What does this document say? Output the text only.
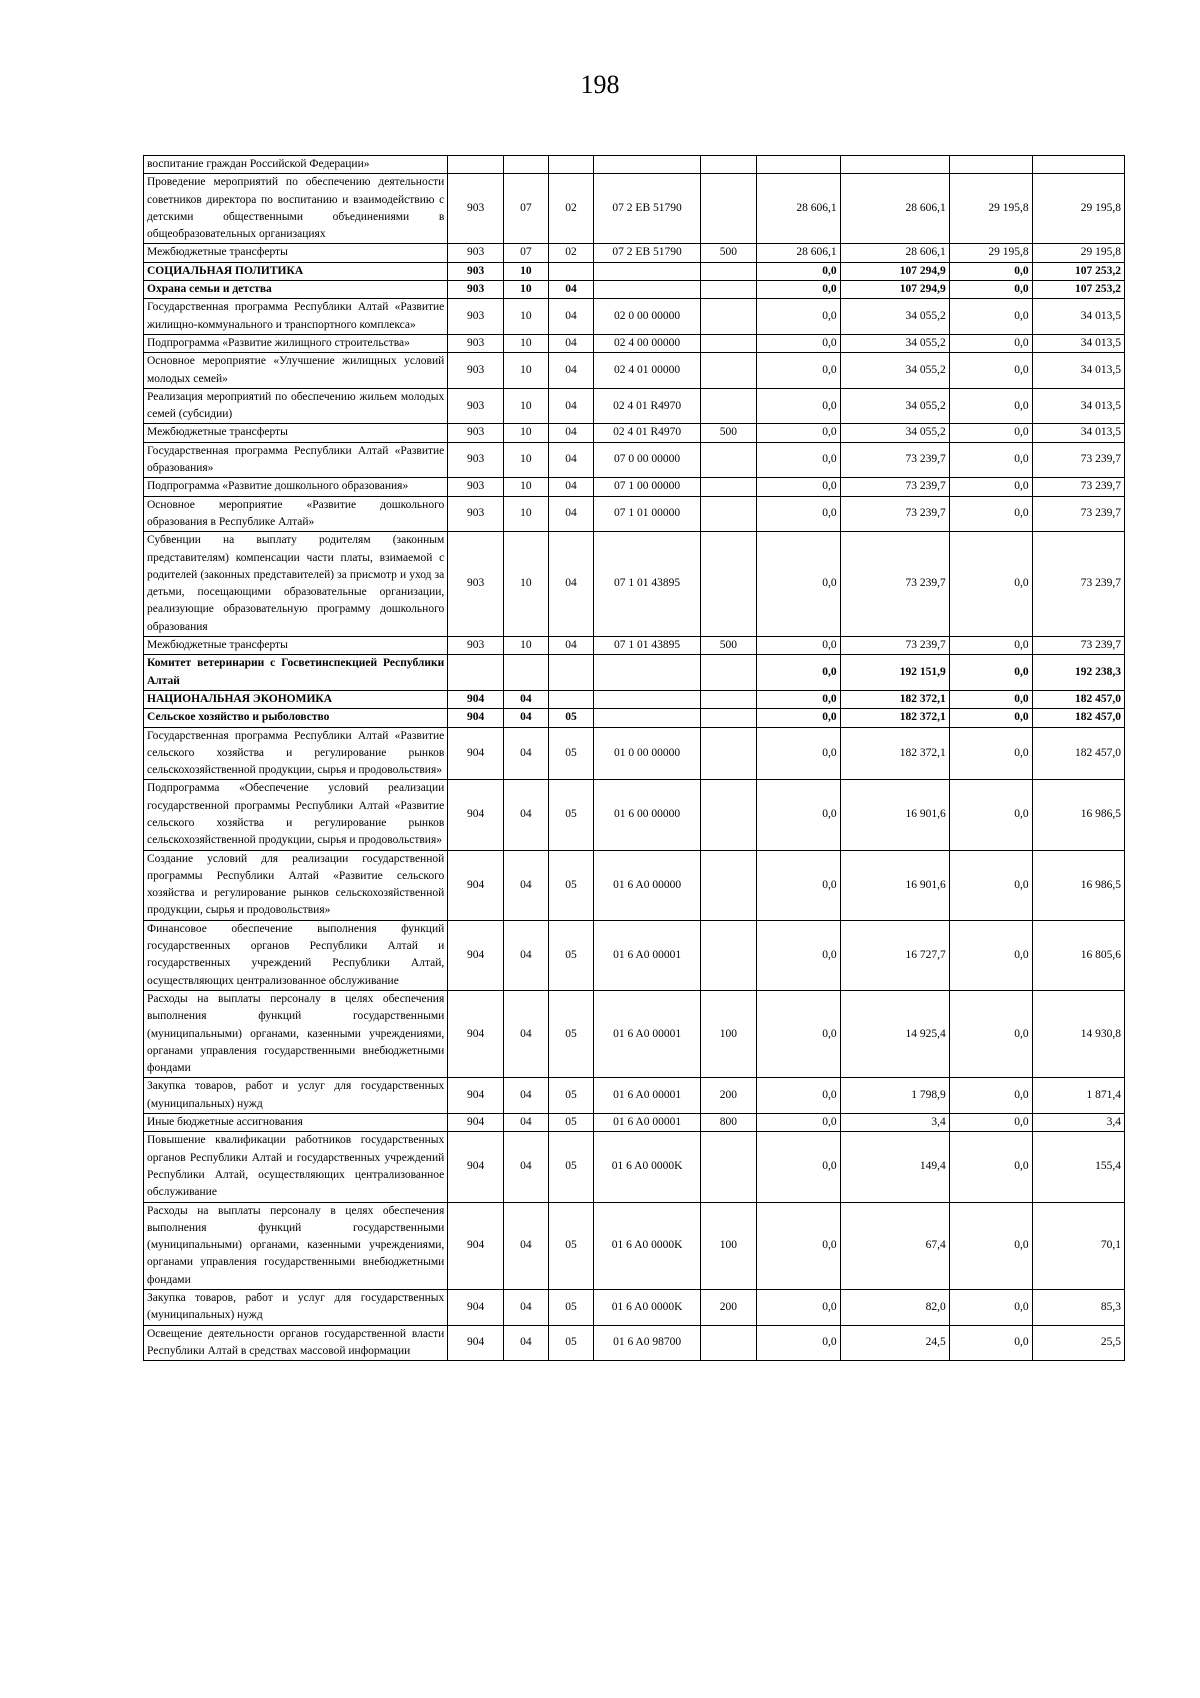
198
воспитание граждан Российской Федерации»									
Проведение мероприятий по обеспечению деятельности советников директора по воспитанию и взаимодействию с детскими общественными объединениями в общеобразовательных организациях	903	07	02	07 2 EB 51790		28 606,1	28 606,1	29 195,8	29 195,8
Межбюджетные трансферты	903	07	02	07 2 EB 51790	500	28 606,1	28 606,1	29 195,8	29 195,8
СОЦИАЛЬНАЯ ПОЛИТИКА	903	10				0,0	107 294,9	0,0	107 253,2
Охрана семьи и детства	903	10	04			0,0	107 294,9	0,0	107 253,2
Государственная программа Республики Алтай «Развитие жилищно-коммунального и транспортного комплекса»	903	10	04	02 0 00 00000		0,0	34 055,2	0,0	34 013,5
Подпрограмма «Развитие жилищного строительства»	903	10	04	02 4 00 00000		0,0	34 055,2	0,0	34 013,5
Основное мероприятие «Улучшение жилищных условий молодых семей»	903	10	04	02 4 01 00000		0,0	34 055,2	0,0	34 013,5
Реализация мероприятий по обеспечению жильем молодых семей (субсидии)	903	10	04	02 4 01 R4970		0,0	34 055,2	0,0	34 013,5
Межбюджетные трансферты	903	10	04	02 4 01 R4970	500	0,0	34 055,2	0,0	34 013,5
Государственная программа Республики Алтай «Развитие образования»	903	10	04	07 0 00 00000		0,0	73 239,7	0,0	73 239,7
Подпрограмма «Развитие дошкольного образования»	903	10	04	07 1 00 00000		0,0	73 239,7	0,0	73 239,7
Основное мероприятие «Развитие дошкольного образования в Республике Алтай»	903	10	04	07 1 01 00000		0,0	73 239,7	0,0	73 239,7
Субвенции на выплату родителям (законным представителям) компенсации части платы, взимаемой с родителей (законных представителей) за присмотр и уход за детьми, посещающими образовательные организации, реализующие образовательную программу дошкольного образования	903	10	04	07 1 01 43895		0,0	73 239,7	0,0	73 239,7
Межбюджетные трансферты	903	10	04	07 1 01 43895	500	0,0	73 239,7	0,0	73 239,7
Комитет ветеринарии с Госветинспекцией Республики Алтай						0,0	192 151,9	0,0	192 238,3
НАЦИОНАЛЬНАЯ ЭКОНОМИКА	904	04				0,0	182 372,1	0,0	182 457,0
Сельское хозяйство и рыболовство	904	04	05			0,0	182 372,1	0,0	182 457,0
Государственная программа Республики Алтай «Развитие сельского хозяйства и регулирование рынков сельскохозяйственной продукции, сырья и продовольствия»	904	04	05	01 0 00 00000		0,0	182 372,1	0,0	182 457,0
Подпрограмма «Обеспечение условий реализации государственной программы Республики Алтай «Развитие сельского хозяйства и регулирование рынков сельскохозяйственной продукции, сырья и продовольствия»	904	04	05	01 6 00 00000		0,0	16 901,6	0,0	16 986,5
Создание условий для реализации государственной программы Республики Алтай «Развитие сельского хозяйства и регулирование рынков сельскохозяйственной продукции, сырья и продовольствия»	904	04	05	01 6 A0 00000		0,0	16 901,6	0,0	16 986,5
Финансовое обеспечение выполнения функций государственных органов Республики Алтай и государственных учреждений Республики Алтай, осуществляющих централизованное обслуживание	904	04	05	01 6 A0 00001		0,0	16 727,7	0,0	16 805,6
Расходы на выплаты персоналу в целях обеспечения выполнения функций государственными (муниципальными) органами, казенными учреждениями, органами управления государственными внебюджетными фондами	904	04	05	01 6 A0 00001	100	0,0	14 925,4	0,0	14 930,8
Закупка товаров, работ и услуг для государственных (муниципальных) нужд	904	04	05	01 6 A0 00001	200	0,0	1 798,9	0,0	1 871,4
Иные бюджетные ассигнования	904	04	05	01 6 A0 00001	800	0,0	3,4	0,0	3,4
Повышение квалификации работников государственных органов Республики Алтай и государственных учреждений Республики Алтай, осуществляющих централизованное обслуживание	904	04	05	01 6 A0 0000K		0,0	149,4	0,0	155,4
Расходы на выплаты персоналу в целях обеспечения выполнения функций государственными (муниципальными) органами, казенными учреждениями, органами управления государственными внебюджетными фондами	904	04	05	01 6 A0 0000K	100	0,0	67,4	0,0	70,1
Закупка товаров, работ и услуг для государственных (муниципальных) нужд	904	04	05	01 6 A0 0000K	200	0,0	82,0	0,0	85,3
Освещение деятельности органов государственной власти Республики Алтай в средствах массовой информации	904	04	05	01 6 A0 98700		0,0	24,5	0,0	25,5
